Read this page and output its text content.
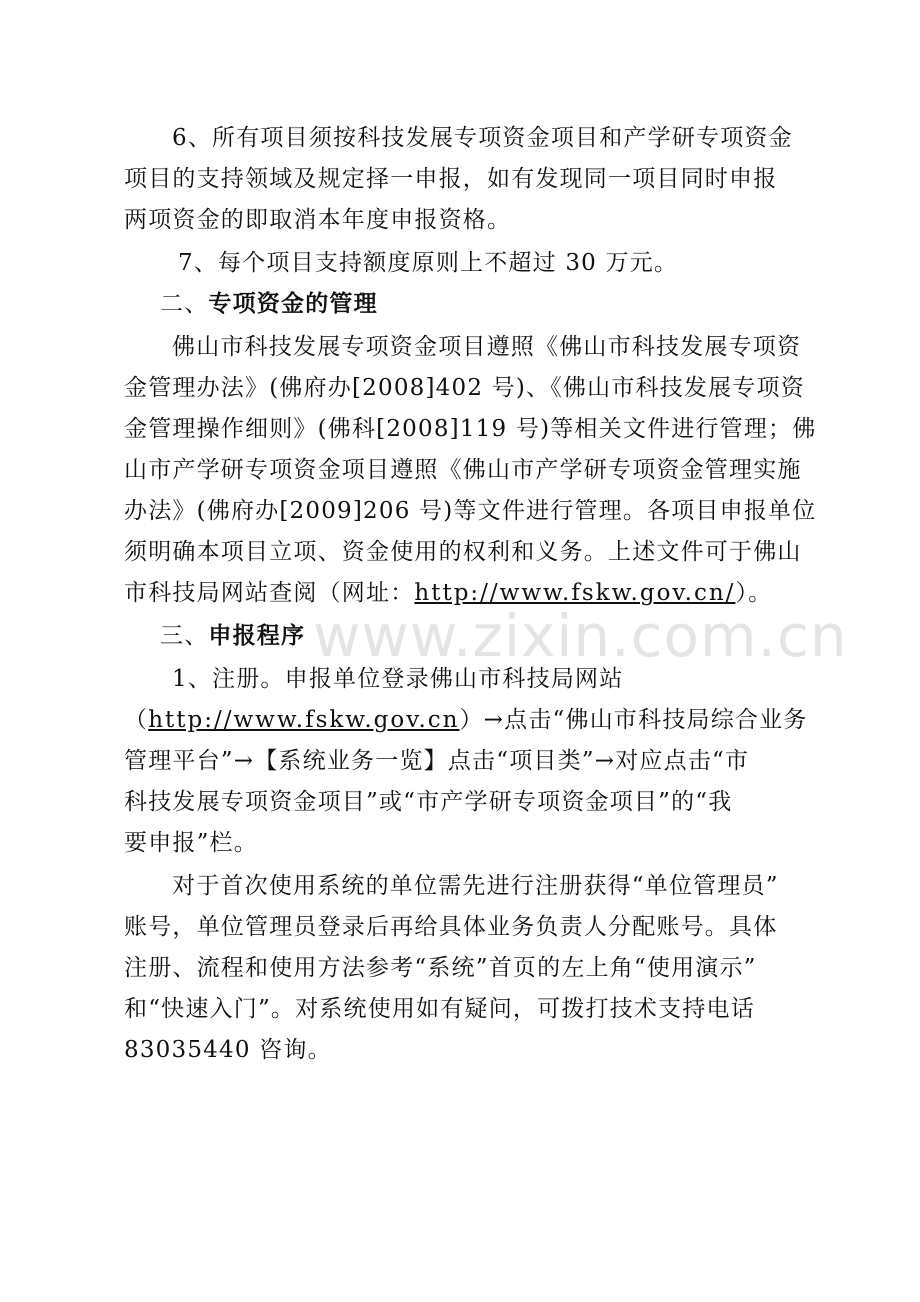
6、所有项目须按科技发展专项资金项目和产学研专项资金
项目的支持领域及规定择一申报，如有发现同一项目同时申报
两项资金的即取消本年度申报资格。
7、每个项目支持额度原则上不超过 30 万元。
二、专项资金的管理
佛山市科技发展专项资金项目遵照《佛山市科技发展专项资
金管理办法》(佛府办[2008]402 号)、《佛山市科技发展专项资
金管理操作细则》(佛科[2008]119 号)等相关文件进行管理；佛
山市产学研专项资金项目遵照《佛山市产学研专项资金管理实施
办法》(佛府办[2009]206 号)等文件进行管理。各项目申报单位
须明确本项目立项、资金使用的权利和义务。上述文件可于佛山
市科技局网站查阅（网址：http://www.fskw.gov.cn/）。
三、申报程序
1、注册。申报单位登录佛山市科技局网站
（http://www.fskw.gov.cn）→点击“佛山市科技局综合业务
管理平台”→【系统业务一览】点击“项目类”→对应点击“市
科技发展专项资金项目”或“市产学研专项资金项目”的“我
要申报”栏。
对于首次使用系统的单位需先进行注册获得“单位管理员”
账号，单位管理员登录后再给具体业务负责人分配账号。具体
注册、流程和使用方法参考“系统”首页的左上角“使用演示”
和“快速入门”。对系统使用如有疑问，可拨打技术支持电话
83035440 咨询。
www.zixin.com.cn
